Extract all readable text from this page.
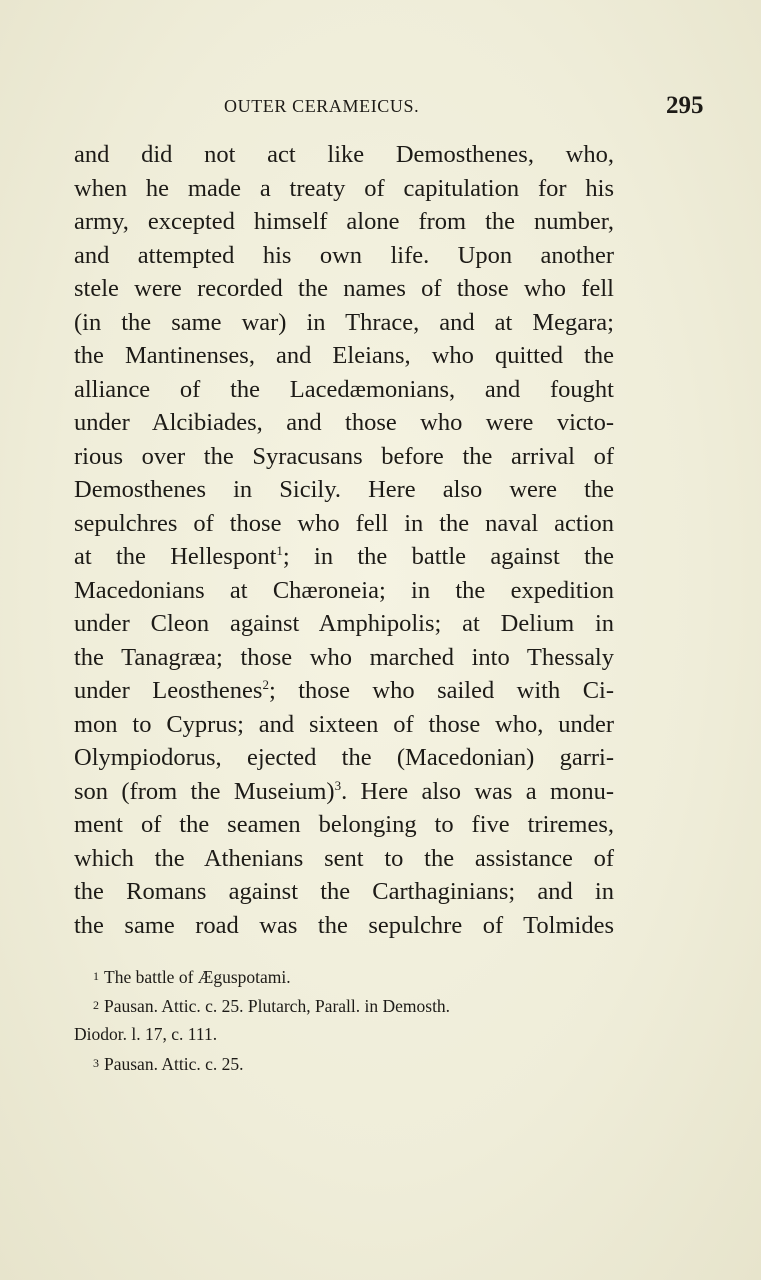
OUTER CERAMEICUS.	295
and did not act like Demosthenes, who,
when he made a treaty of capitulation for his
army, excepted himself alone from the number,
and attempted his own life. Upon another
stele were recorded the names of those who fell
(in the same war) in Thrace, and at Megara;
the Mantinenses, and Eleians, who quitted the
alliance of the Lacedæmonians, and fought
under Alcibiades, and those who were victo-
rious over the Syracusans before the arrival of
Demosthenes in Sicily. Here also were the
sepulchres of those who fell in the naval action
at the Hellespont$^1$; in the battle against the
Macedonians at Chæroneia; in the expedition
under Cleon against Amphipolis; at Delium in
the Tanagræa; those who marched into Thessaly
under Leosthenes$^2$; those who sailed with Ci-
mon to Cyprus; and sixteen of those who, under
Olympiodorus, ejected the (Macedonian) garri-
son (from the Museium)$^3$. Here also was a monu-
ment of the seamen belonging to five triremes,
which the Athenians sent to the assistance of
the Romans against the Carthaginians; and in
the same road was the sepulchre of Tolmides
1 The battle of Æguspotami.
2 Pausan. Attic. c. 25. Plutarch, Parall. in Demosth.
Diodor. l. 17, c. 111.
3 Pausan. Attic. c. 25.
